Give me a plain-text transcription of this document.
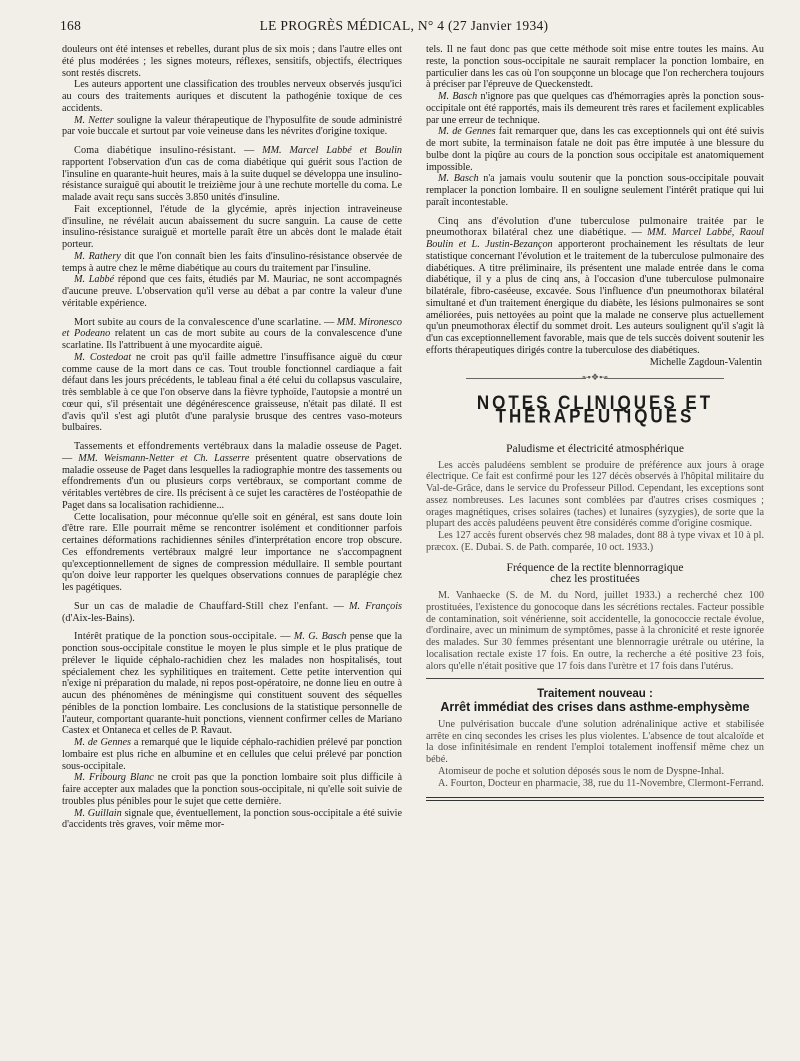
168	LE PROGRÈS MÉDICAL, N° 4 (27 Janvier 1934)

douleurs ont été intenses et rebelles, durant plus de six mois ; dans l'autre elles ont été plus modérées ; les signes moteurs, réflexes, sensitifs, objectifs, électriques sont restés discrets.

Les auteurs apportent une classification des troubles nerveux observés jusqu'ici au cours des traitements auriques et discutent la pathogénie toxique de ces accidents.

M. Netter souligne la valeur thérapeutique de l'hyposulfite de soude administré par voie buccale et surtout par voie veineuse dans les névrites d'origine toxique.

Coma diabétique insulino-résistant. — MM. Marcel Labbé et Boulin rapportent l'observation d'un cas de coma diabétique qui guérit sous l'action de l'insuline en quarante-huit heures, mais à la suite duquel se développa une insulino-résistance suraiguë qui aboutit le treizième jour à une rechute mortelle du coma. Le malade avait reçu sans succès 3.850 unités d'insuline.

Fait exceptionnel, l'étude de la glycémie, après injection intraveineuse d'insuline, ne révélait aucun abaissement du sucre sanguin. La cause de cette insulino-résistance suraiguë et mortelle paraît être un abcès dont le malade était porteur.

M. Rathery dit que l'on connaît bien les faits d'insulino-résistance observée de temps à autre chez le même diabétique au cours du traitement par l'insuline.

M. Labbé répond que ces faits, étudiés par M. Mauriac, ne sont accompagnés d'aucune preuve. L'observation qu'il verse au débat a par contre la valeur d'une véritable expérience.

Mort subite au cours de la convalescence d'une scarlatine. — MM. Mironesco et Podeano relatent un cas de mort subite au cours de la convalescence d'une scarlatine. Ils l'attribuent à une myocardite aiguë.

M. Costedoat ne croit pas qu'il faille admettre l'insuffisance aiguë du cœur comme cause de la mort dans ce cas. Tout trouble fonctionnel cardiaque a fait défaut dans les jours précédents, le tableau final a été celui du collapsus vasculaire, très semblable à ce que l'on observe dans la fièvre typhoïde, l'autopsie a montré un cœur qui, s'il présentait une dégénérescence graisseuse, n'était pas dilaté. Il est d'avis qu'il s'est agi plutôt d'une paralysie brusque des centres vaso-moteurs bulbaires.

Tassements et effondrements vertébraux dans la maladie osseuse de Paget. — MM. Weismann-Netter et Ch. Lasserre présentent quatre observations de maladie osseuse de Paget dans lesquelles la radiographie montre des tassements ou effondrements d'un ou plusieurs corps vertébraux, se comportant comme de véritables vertèbres de cire. Ils précisent à ce sujet les caractères de l'ostéopathie de Paget dans sa localisation rachidienne...

Cette localisation, pour méconnue qu'elle soit en général, est sans doute loin d'être rare. Elle pourrait même se rencontrer isolément et conditionner parfois certaines déformations rachidiennes séniles d'interprétation encore trop obscure. Ces effondrements vertébraux malgré leur importance ne s'accompagnent qu'exceptionnellement de signes de compression médullaire. Il semble pourtant qu'on doive leur rapporter les quelques observations connues de paraplégie chez les pagétiques.

Sur un cas de maladie de Chauffard-Still chez l'enfant. — M. François (d'Aix-les-Bains).

Intérêt pratique de la ponction sous-occipitale. — M. G. Basch pense que la ponction sous-occipitale constitue le moyen le plus simple et le plus pratique de prélever le liquide céphalo-rachidien chez les malades non hospitalisés, tout spécialement chez les syphilitiques en traitement. Cette petite intervention qui n'exige ni préparation du malade, ni repos post-opératoire, ne donne lieu en outre à aucun des phénomènes de méningisme qui constituent souvent des séquelles pénibles de la ponction lombaire. Les conclusions de la statistique personnelle de l'auteur, comportant quarante-huit ponctions, viennent confirmer celles de Mariano Castex et Ontaneca et celles de P. Ravaut.

M. de Gennes a remarqué que le liquide céphalo-rachidien prélevé par ponction lombaire est plus riche en albumine et en cellules que celui prélevé par ponction sous-occipitale.

M. Fribourg Blanc ne croit pas que la ponction lombaire soit plus difficile à faire accepter aux malades que la ponction sous-occipitale, ni qu'elle soit suivie de troubles plus pénibles pour le sujet que cette dernière.

M. Guillain signale que, éventuellement, la ponction sous-occipitale a été suivie d'accidents très graves, voir même mor-

tels. Il ne faut donc pas que cette méthode soit mise entre toutes les mains. Au reste, la ponction sous-occipitale ne saurait remplacer la ponction lombaire, en particulier dans les cas où l'on soupçonne un blocage que l'on recherchera toujours à préciser par l'épreuve de Queckenstedt.

M. Basch n'ignore pas que quelques cas d'hémorragies après la ponction sous-occipitale ont été rapportés, mais ils demeurent très rares et facilement explicables par une erreur de technique.

M. de Gennes fait remarquer que, dans les cas exceptionnels qui ont été suivis de mort subite, la terminaison fatale ne doit pas être imputée à une blessure du bulbe dont la piqûre au cours de la ponction sous occipitale est anatomiquement impossible.

M. Basch n'a jamais voulu soutenir que la ponction sous-occipitale pouvait remplacer la ponction lombaire. Il en souligne seulement l'intérêt pratique qui lui paraît incontestable.

Cinq ans d'évolution d'une tuberculose pulmonaire traitée par le pneumothorax bilatéral chez une diabétique. — MM. Marcel Labbé, Raoul Boulin et L. Justin-Bezançon apporteront prochainement les résultats de leur statistique concernant l'évolution et le traitement de la tuberculose pulmonaire des diabétiques. A titre préliminaire, ils présentent une malade entrée dans le coma diabétique, il y a plus de cinq ans, à l'occasion d'une tuberculose pulmonaire bilatérale, fibro-caséeuse, excavée. Sous l'influence d'un pneumothorax bilatéral simultané et d'un traitement énergique du diabète, les lésions pulmonaires se sont améliorées, puis nettoyées au point que la malade ne conserve plus actuellement qu'un pneumothorax électif du sommet droit. Les auteurs soulignent qu'il s'agit là d'un cas exceptionnellement favorable, mais que de tels succès doivent soutenir les efforts thérapeutiques dirigés contre la tuberculose des diabétiques.

Michelle Zagdoun-Valentin
⊶❖⊷
NOTES CLINIQUES ET THÉRAPEUTIQUES
Paludisme et électricité atmosphérique

Les accès paludéens semblent se produire de préférence aux jours à orage électrique. Ce fait est confirmé pour les 127 décès observés à l'hôpital militaire du Val-de-Grâce, dans le service du Professeur Pillod. Cependant, les exceptions sont assez nombreuses. Les lacunes sont comblées par d'autres crises cosmiques ; orages magnétiques, crises solaires (taches) et lunaires (syzygies), de sorte que la plupart des accès paludéens peuvent être considérés comme d'origine cosmique.

Les 127 accès furent observés chez 98 malades, dont 88 à type vivax et 10 à pl. præcox. (E. Dubai. S. de Path. comparée, 10 oct. 1933.)

Fréquence de la rectite blennorragique
chez les prostituées

M. Vanhaecke (S. de M. du Nord, juillet 1933.) a recherché chez 100 prostituées, l'existence du gonocoque dans les sécrétions rectales. Facteur possible de contamination, soit vénérienne, soit accidentelle, la gonococcie rectale évolue, d'ordinaire, avec un minimum de symptômes, passe à la chronicité et reste ignorée des malades. Sur 30 femmes présentant une blennorragie urétrale ou utérine, la localisation rectale existe 17 fois. En outre, la recherche a été positive 23 fois, alors qu'elle n'était positive que 17 fois dans l'urètre et 17 fois dans l'utérus.

Traitement nouveau :
Arrêt immédiat des crises dans asthme-emphysème

Une pulvérisation buccale d'une solution adrénalinique active et stabilisée arrête en cinq secondes les crises les plus violentes. L'absence de tout alcaloïde et la dose infinitésimale en rendent l'emploi totalement inoffensif même chez un bébé.

Atomiseur de poche et solution déposés sous le nom de Dyspne-Inhal.

A. Fourton, Docteur en pharmacie, 38, rue du 11-Novembre, Clermont-Ferrand.
